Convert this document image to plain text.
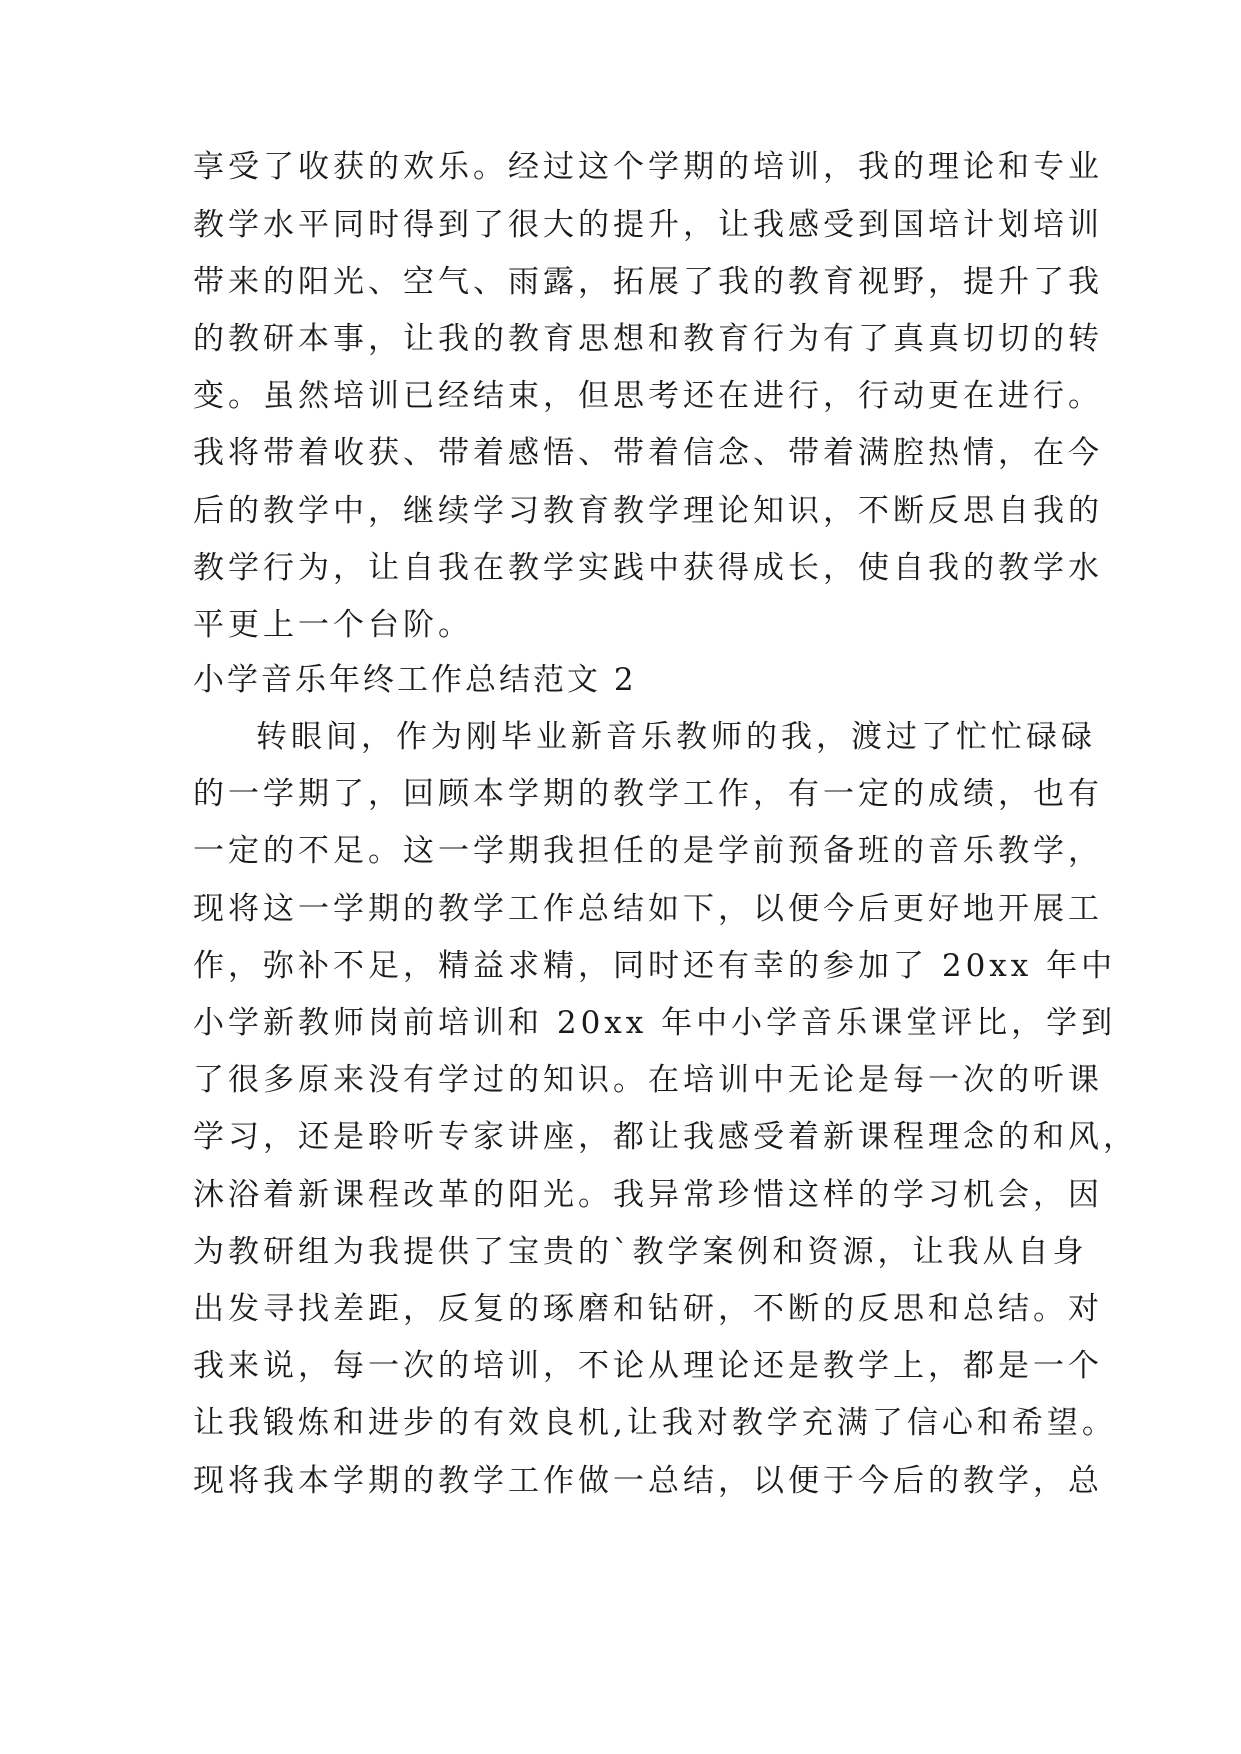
享受了收获的欢乐。经过这个学期的培训，我的理论和专业
教学水平同时得到了很大的提升，让我感受到国培计划培训
带来的阳光、空气、雨露，拓展了我的教育视野，提升了我
的教研本事，让我的教育思想和教育行为有了真真切切的转
变。虽然培训已经结束，但思考还在进行，行动更在进行。
我将带着收获、带着感悟、带着信念、带着满腔热情，在今
后的教学中，继续学习教育教学理论知识，不断反思自我的
教学行为，让自我在教学实践中获得成长，使自我的教学水
平更上一个台阶。
小学音乐年终工作总结范文 2
转眼间，作为刚毕业新音乐教师的我，渡过了忙忙碌碌
的一学期了，回顾本学期的教学工作，有一定的成绩，也有
一定的不足。这一学期我担任的是学前预备班的音乐教学，
现将这一学期的教学工作总结如下，以便今后更好地开展工
作，弥补不足，精益求精，同时还有幸的参加了 20xx 年中
小学新教师岗前培训和 20xx 年中小学音乐课堂评比，学到
了很多原来没有学过的知识。在培训中无论是每一次的听课
学习，还是聆听专家讲座，都让我感受着新课程理念的和风，
沐浴着新课程改革的阳光。我异常珍惜这样的学习机会，因
为教研组为我提供了宝贵的`教学案例和资源，让我从自身
出发寻找差距，反复的琢磨和钻研，不断的反思和总结。对
我来说，每一次的培训，不论从理论还是教学上，都是一个
让我锻炼和进步的有效良机,让我对教学充满了信心和希望。
现将我本学期的教学工作做一总结，以便于今后的教学，总
